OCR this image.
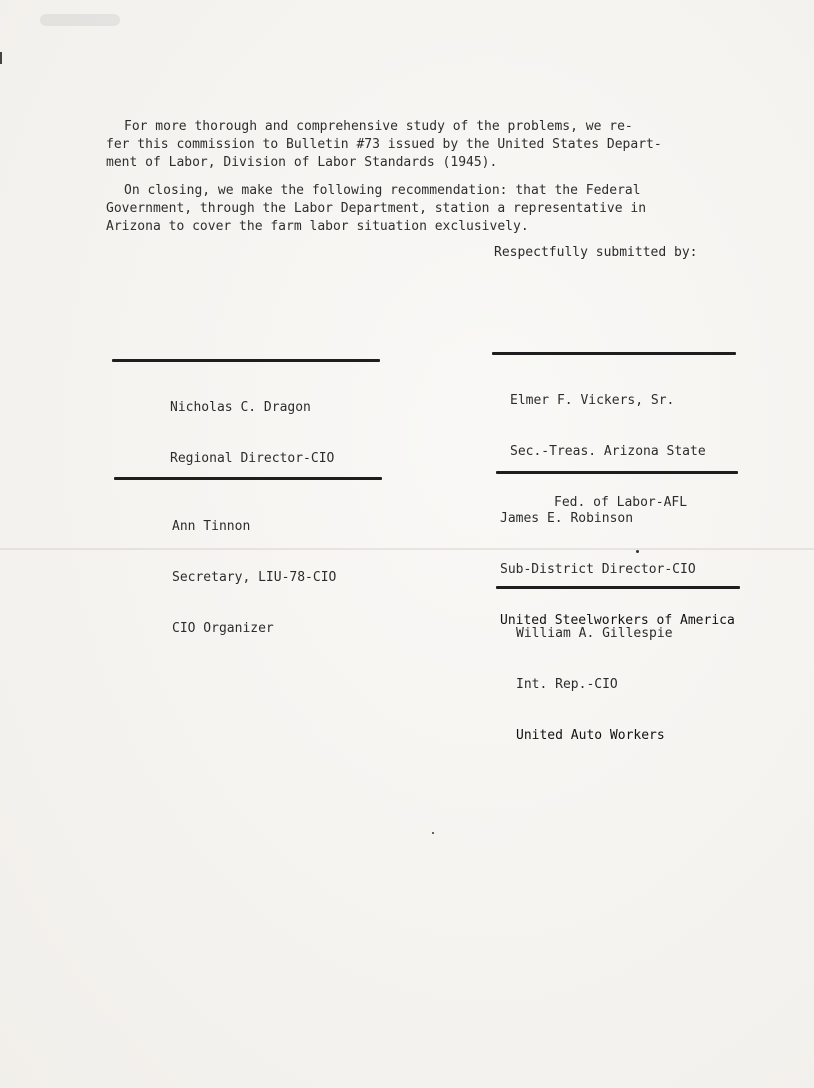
For more thorough and comprehensive study of the problems, we re-
fer this commission to Bulletin #73 issued by the United States Depart-
ment of Labor, Division of Labor Standards (1945).
On closing, we make the following recommendation: that the Federal
Government, through the Labor Department, station a representative in
Arizona to cover the farm labor situation exclusively.
Respectfully submitted by:

Nicholas C. Dragon

Regional Director-CIO

Elmer F. Vickers, Sr.

Sec.-Treas. Arizona State

Fed. of Labor-AFL

Ann Tinnon

Secretary, LIU-78-CIO

CIO Organizer

James E. Robinson

Sub-District Director-CIO

United Steelworkers of America

William A. Gillespie

Int. Rep.-CIO

United Auto Workers
